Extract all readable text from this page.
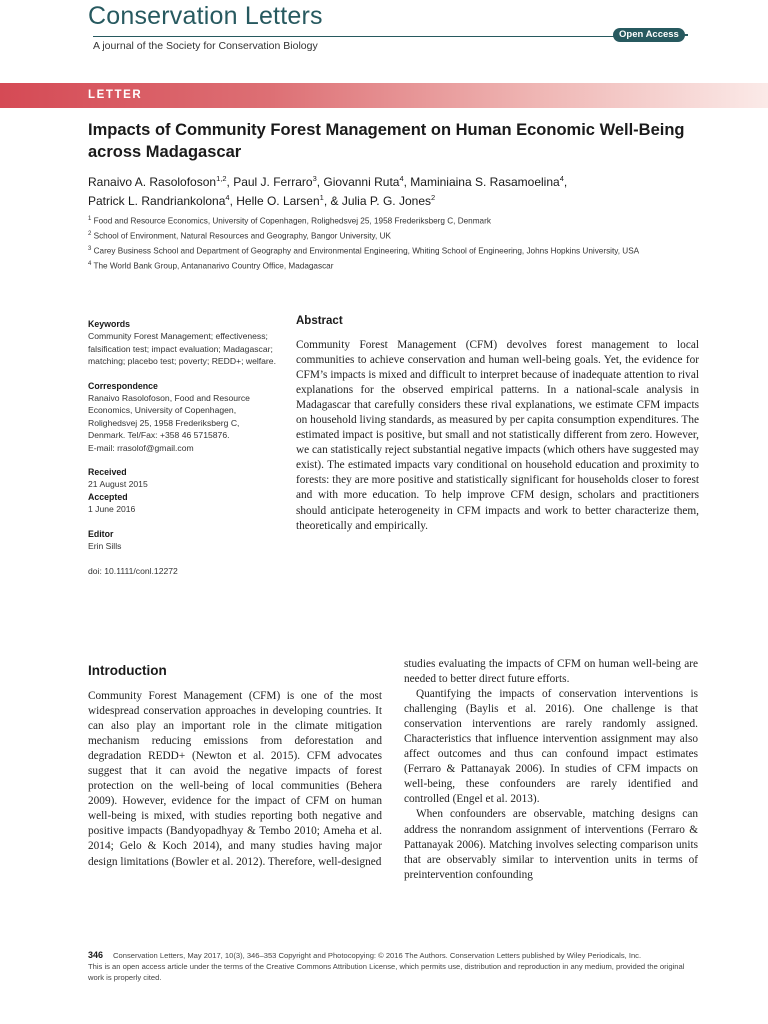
Conservation Letters
A journal of the Society for Conservation Biology
Open Access
LETTER
Impacts of Community Forest Management on Human Economic Well-Being across Madagascar
Ranaivo A. Rasolofoson$^{1,2}$, Paul J. Ferraro$^3$, Giovanni Ruta$^4$, Maminiaina S. Rasamoelina$^4$,
Patrick L. Randriankolona$^4$, Helle O. Larsen$^1$, & Julia P. G. Jones$^2$
$^1$ Food and Resource Economics, University of Copenhagen, Rolighedsvej 25, 1958 Frederiksberg C, Denmark
$^2$ School of Environment, Natural Resources and Geography, Bangor University, UK
$^3$ Carey Business School and Department of Geography and Environmental Engineering, Whiting School of Engineering, Johns Hopkins University, USA
$^4$ The World Bank Group, Antananarivo Country Office, Madagascar
Keywords
Community Forest Management; effectiveness; falsification test; impact evaluation; Madagascar; matching; placebo test; poverty; REDD+; welfare.
Correspondence
Ranaivo Rasolofoson, Food and Resource
Economics, University of Copenhagen,
Rolighedsvej 25, 1958 Frederiksberg C,
Denmark. Tel/Fax: +358 46 5715876.
E-mail: rrasolof@gmail.com
Received
21 August 2015
Accepted
1 June 2016
Editor
Erin Sills
doi: 10.1111/conl.12272
Abstract
Community Forest Management (CFM) devolves forest management to local communities to achieve conservation and human well-being goals. Yet, the evidence for CFM’s impacts is mixed and difficult to interpret because of inadequate attention to rival explanations for the observed empirical patterns. In a national-scale analysis in Madagascar that carefully considers these rival explanations, we estimate CFM impacts on household living standards, as measured by per capita consumption expenditures. The estimated impact is positive, but small and not statistically different from zero. However, we can statistically reject substantial negative impacts (which others have suggested may exist). The estimated impacts vary conditional on household education and proximity to forests: they are more positive and statistically significant for households closer to forest and with more education. To help improve CFM design, scholars and practitioners should anticipate heterogeneity in CFM impacts and work to better characterize them, theoretically and empirically.
Introduction

Community Forest Management (CFM) is one of the most widespread conservation approaches in developing countries. It can also play an important role in the climate mitigation mechanism reducing emissions from deforestation and degradation REDD+ (Newton et al. 2015). CFM advocates suggest that it can avoid the negative impacts of forest protection on the well-being of local communities (Behera 2009). However, evidence for the impact of CFM on human well-being is mixed, with studies reporting both negative and positive impacts (Bandyopadhyay & Tembo 2010; Ameha et al. 2014; Gelo & Koch 2014), and many studies having major design limitations (Bowler et al. 2012). Therefore, well-designed

studies evaluating the impacts of CFM on human well-being are needed to better direct future efforts.

Quantifying the impacts of conservation interventions is challenging (Baylis et al. 2016). One challenge is that conservation interventions are rarely randomly assigned. Characteristics that influence intervention assignment may also affect outcomes and thus can confound impact estimates (Ferraro & Pattanayak 2006). In studies of CFM impacts on well-being, these confounders are rarely identified and controlled (Engel et al. 2013).

When confounders are observable, matching designs can address the nonrandom assignment of interventions (Ferraro & Pattanayak 2006). Matching involves selecting comparison units that are observably similar to intervention units in terms of preintervention confounding

346 Conservation Letters, May 2017, 10(3), 346–353 Copyright and Photocopying: © 2016 The Authors. Conservation Letters published by Wiley Periodicals, Inc.
This is an open access article under the terms of the Creative Commons Attribution License, which permits use, distribution and reproduction in any medium, provided the original work is properly cited.
